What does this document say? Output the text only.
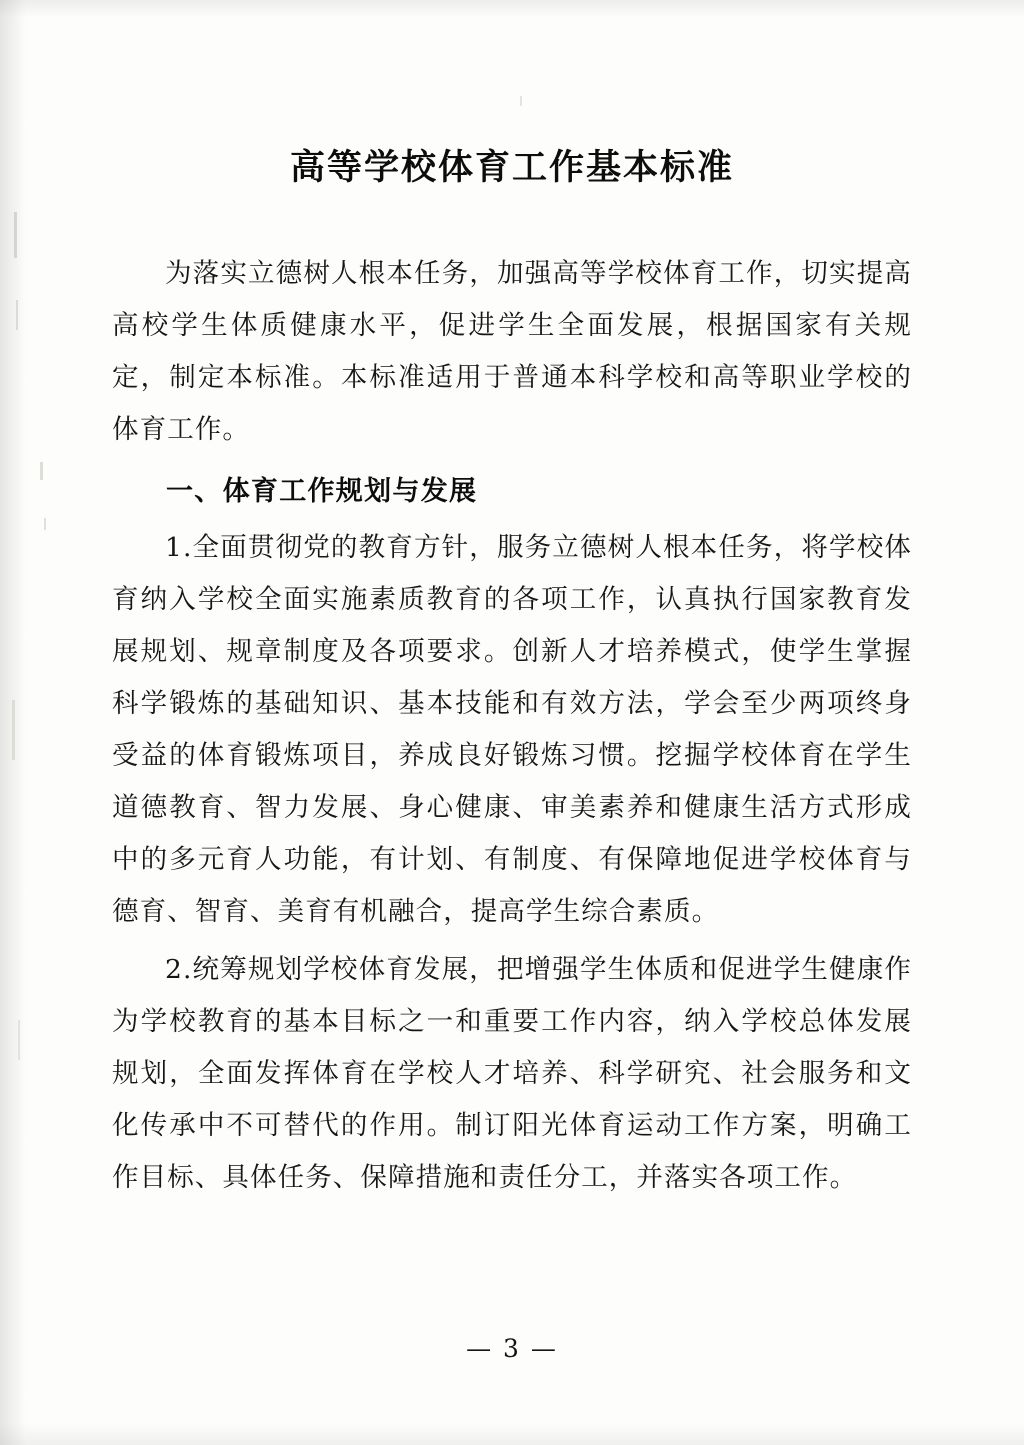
高等学校体育工作基本标准

为落实立德树人根本任务，加强高等学校体育工作，切实提高高校学生体质健康水平，促进学生全面发展，根据国家有关规定，制定本标准。本标准适用于普通本科学校和高等职业学校的体育工作。

一、体育工作规划与发展

1.全面贯彻党的教育方针，服务立德树人根本任务，将学校体育纳入学校全面实施素质教育的各项工作，认真执行国家教育发展规划、规章制度及各项要求。创新人才培养模式，使学生掌握科学锻炼的基础知识、基本技能和有效方法，学会至少两项终身受益的体育锻炼项目，养成良好锻炼习惯。挖掘学校体育在学生道德教育、智力发展、身心健康、审美素养和健康生活方式形成中的多元育人功能，有计划、有制度、有保障地促进学校体育与德育、智育、美育有机融合，提高学生综合素质。

2.统筹规划学校体育发展，把增强学生体质和促进学生健康作为学校教育的基本目标之一和重要工作内容，纳入学校总体发展规划，全面发挥体育在学校人才培养、科学研究、社会服务和文化传承中不可替代的作用。制订阳光体育运动工作方案，明确工作目标、具体任务、保障措施和责任分工，并落实各项工作。

— 3 —
